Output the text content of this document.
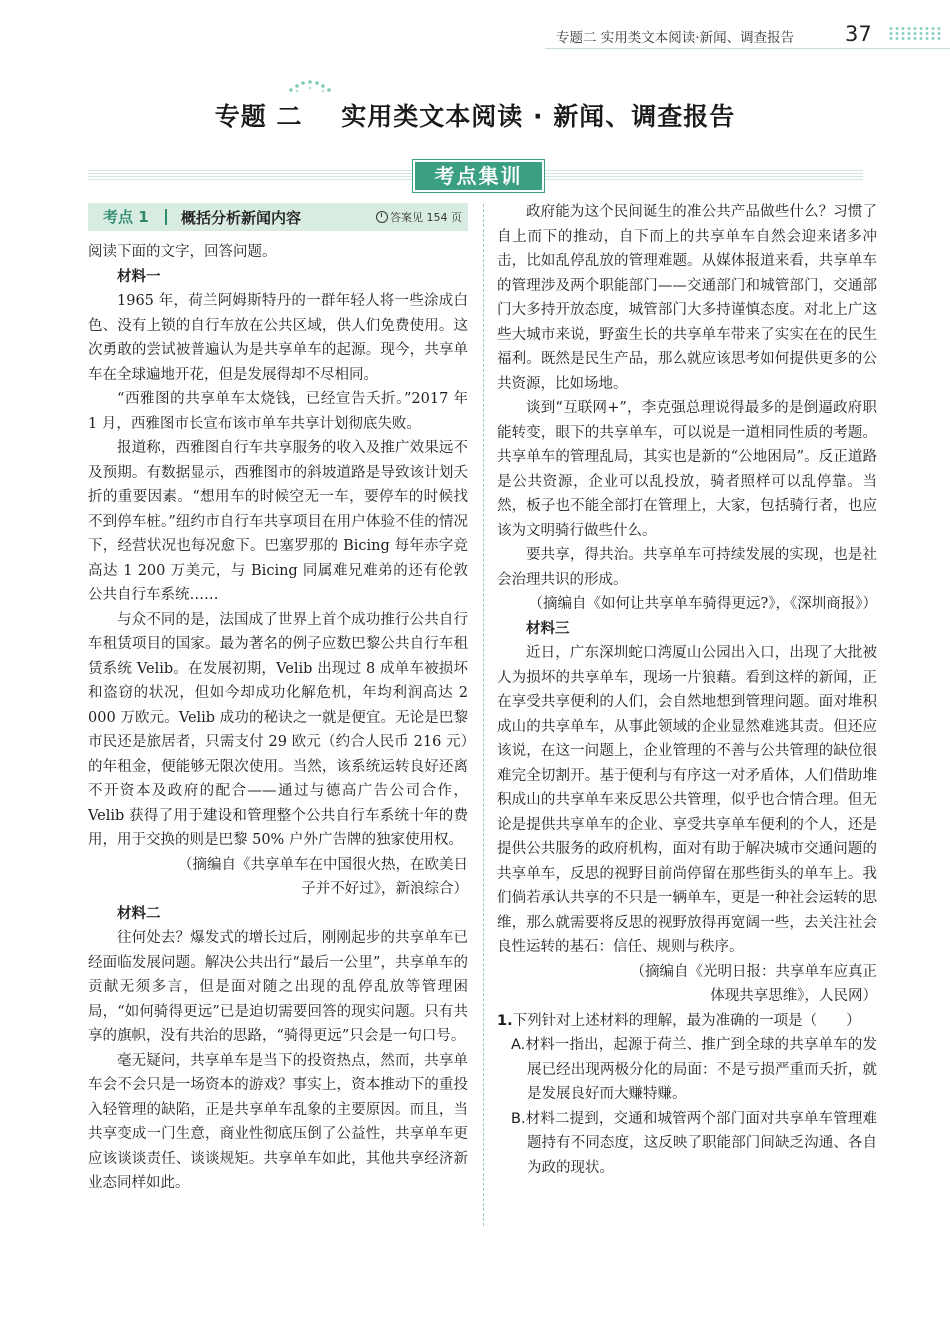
专题二 实用类文本阅读·新闻、调查报告 37
专题 二    实用类文本阅读 · 新闻、调查报告
考点集训
考点 1 概括分析新闻内容	答案见 154 页

阅读下面的文字，回答问题。

材料一

1965 年，荷兰阿姆斯特丹的一群年轻人将一些涂成白色、没有上锁的自行车放在公共区域，供人们免费使用。这次勇敢的尝试被普遍认为是共享单车的起源。现今，共享单车在全球遍地开花，但是发展得却不尽相同。

“西雅图的共享单车太烧钱，已经宣告夭折。”2017 年 1 月，西雅图市长宣布该市单车共享计划彻底失败。

报道称，西雅图自行车共享服务的收入及推广效果远不及预期。有数据显示，西雅图市的斜坡道路是导致该计划夭折的重要因素。“想用车的时候空无一车，要停车的时候找不到停车桩。”纽约市自行车共享项目在用户体验不佳的情况下，经营状况也每况愈下。巴塞罗那的 Bicing 每年赤字竞高达 1 200 万美元，与 Bicing 同属难兄难弟的还有伦敦公共自行车系统……

与众不同的是，法国成了世界上首个成功推行公共自行车租赁项目的国家。最为著名的例子应数巴黎公共自行车租赁系统 Velib。在发展初期，Velib 出现过 8 成单车被损坏和盗窃的状况，但如今却成功化解危机，年均利润高达 2 000 万欧元。Velib 成功的秘诀之一就是便宜。无论是巴黎市民还是旅居者，只需支付 29 欧元（约合人民币 216 元）的年租金，便能够无限次使用。当然，该系统运转良好还离不开资本及政府的配合——通过与德高广告公司合作，Velib 获得了用于建设和管理整个公共自行车系统十年的费用，用于交换的则是巴黎 50% 户外广告牌的独家使用权。

（摘编自《共享单车在中国很火热，在欧美日子并不好过》，新浪综合）

材料二

往何处去？爆发式的增长过后，刚刚起步的共享单车已经面临发展问题。解决公共出行“最后一公里”，共享单车的贡献无须多言，但是面对随之出现的乱停乱放等管理困局，“如何骑得更远”已是迫切需要回答的现实问题。只有共享的旗帜，没有共治的思路，“骑得更远”只会是一句口号。

毫无疑问，共享单车是当下的投资热点，然而，共享单车会不会只是一场资本的游戏？事实上，资本推动下的重投入轻管理的缺陷，正是共享单车乱象的主要原因。而且，当共享变成一门生意，商业性彻底压倒了公益性，共享单车更应该谈谈责任、谈谈规矩。共享单车如此，其他共享经济新业态同样如此。

政府能为这个民间诞生的准公共产品做些什么？习惯了自上而下的推动，自下而上的共享单车自然会迎来诸多冲击，比如乱停乱放的管理难题。从媒体报道来看，共享单车的管理涉及两个职能部门——交通部门和城管部门，交通部门大多持开放态度，城管部门大多持谨慎态度。对北上广这些大城市来说，野蛮生长的共享单车带来了实实在在的民生福利。既然是民生产品，那么就应该思考如何提供更多的公共资源，比如场地。

谈到“互联网+”，李克强总理说得最多的是倒逼政府职能转变，眼下的共享单车，可以说是一道相同性质的考题。共享单车的管理乱局，其实也是新的“公地困局”。反正道路是公共资源，企业可以乱投放，骑者照样可以乱停靠。当然，板子也不能全部打在管理上，大家，包括骑行者，也应该为文明骑行做些什么。

要共享，得共治。共享单车可持续发展的实现，也是社会治理共识的形成。

（摘编自《如何让共享单车骑得更远?》，《深圳商报》）

材料三

近日，广东深圳蛇口湾厦山公园出入口，出现了大批被人为损坏的共享单车，现场一片狼藉。看到这样的新闻，正在享受共享便利的人们，会自然地想到管理问题。面对堆积成山的共享单车，从事此领域的企业显然难逃其责。但还应该说，在这一问题上，企业管理的不善与公共管理的缺位很难完全切割开。基于便利与有序这一对矛盾体，人们借助堆积成山的共享单车来反思公共管理，似乎也合情合理。但无论是提供共享单车的企业、享受共享单车便利的个人，还是提供公共服务的政府机构，面对有助于解决城市交通问题的共享单车，反思的视野目前尚停留在那些街头的单车上。我们倘若承认共享的不只是一辆单车，更是一种社会运转的思维，那么就需要将反思的视野放得再宽阔一些，去关注社会良性运转的基石：信任、规则与秩序。

（摘编自《光明日报：共享单车应真正体现共享思维》，人民网）

1.下列针对上述材料的理解，最为准确的一项是（　　）

A.材料一指出，起源于荷兰、推广到全球的共享单车的发展已经出现两极分化的局面：不是亏损严重而夭折，就是发展良好而大赚特赚。

B.材料二提到，交通和城管两个部门面对共享单车管理难题持有不同态度，这反映了职能部门间缺乏沟通、各自为政的现状。
